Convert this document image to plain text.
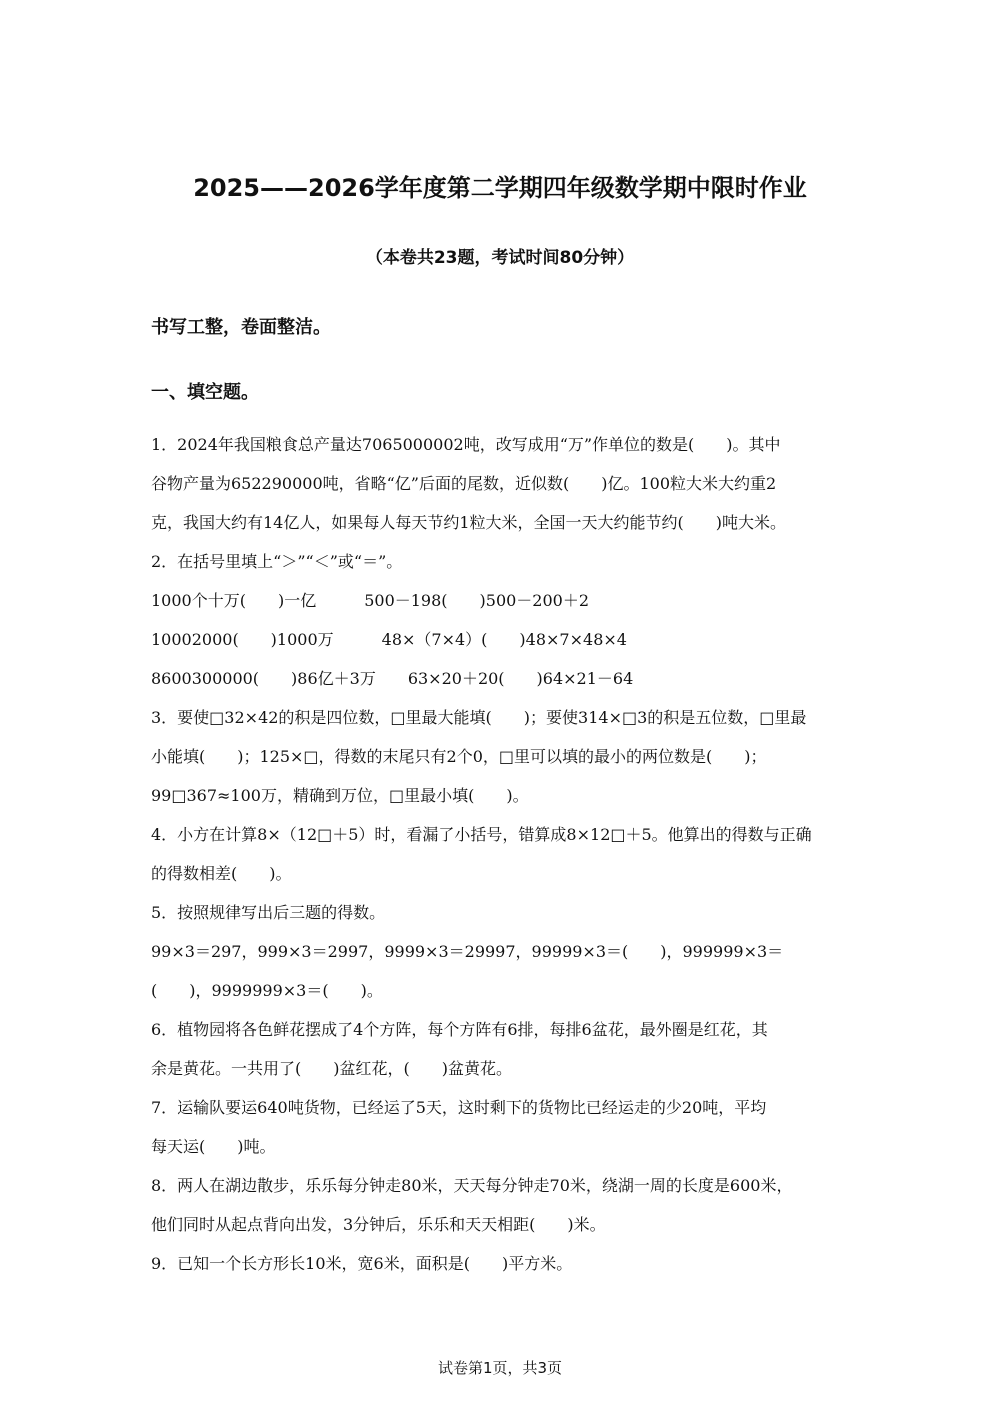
2025——2026学年度第二学期四年级数学期中限时作业
（本卷共23题，考试时间80分钟）
书写工整，卷面整洁。
一、填空题。
1．2024年我国粮食总产量达7065000002吨，改写成用“万”作单位的数是(　　)。其中
谷物产量为652290000吨，省略“亿”后面的尾数，近似数(　　)亿。100粒大米大约重2
克，我国大约有14亿人，如果每人每天节约1粒大米，全国一天大约能节约(　　)吨大米。
2．在括号里填上“＞”“＜”或“＝”。
1000个十万(　　)一亿　　　500－198(　　)500－200＋2
10002000(　　)1000万　　　48×（7×4）(　　)48×7×48×4
8600300000(　　)86亿＋3万　　63×20＋20(　　)64×21－64
3．要使□32×42的积是四位数，□里最大能填(　　)；要使314×□3的积是五位数，□里最
小能填(　　)；125×□，得数的末尾只有2个0，□里可以填的最小的两位数是(　　)；
99□367≈100万，精确到万位，□里最小填(　　)。
4．小方在计算8×（12□＋5）时，看漏了小括号，错算成8×12□＋5。他算出的得数与正确
的得数相差(　　)。
5．按照规律写出后三题的得数。
99×3＝297，999×3＝2997，9999×3＝29997，99999×3＝(　　)，999999×3＝
(　　)，9999999×3＝(　　)。
6．植物园将各色鲜花摆成了4个方阵，每个方阵有6排，每排6盆花，最外圈是红花，其
余是黄花。一共用了(　　)盆红花，(　　)盆黄花。
7．运输队要运640吨货物，已经运了5天，这时剩下的货物比已经运走的少20吨，平均
每天运(　　)吨。
8．两人在湖边散步，乐乐每分钟走80米，天天每分钟走70米，绕湖一周的长度是600米，
他们同时从起点背向出发，3分钟后，乐乐和天天相距(　　)米。
9．已知一个长方形长10米，宽6米，面积是(　　)平方米。
试卷第1页，共3页
